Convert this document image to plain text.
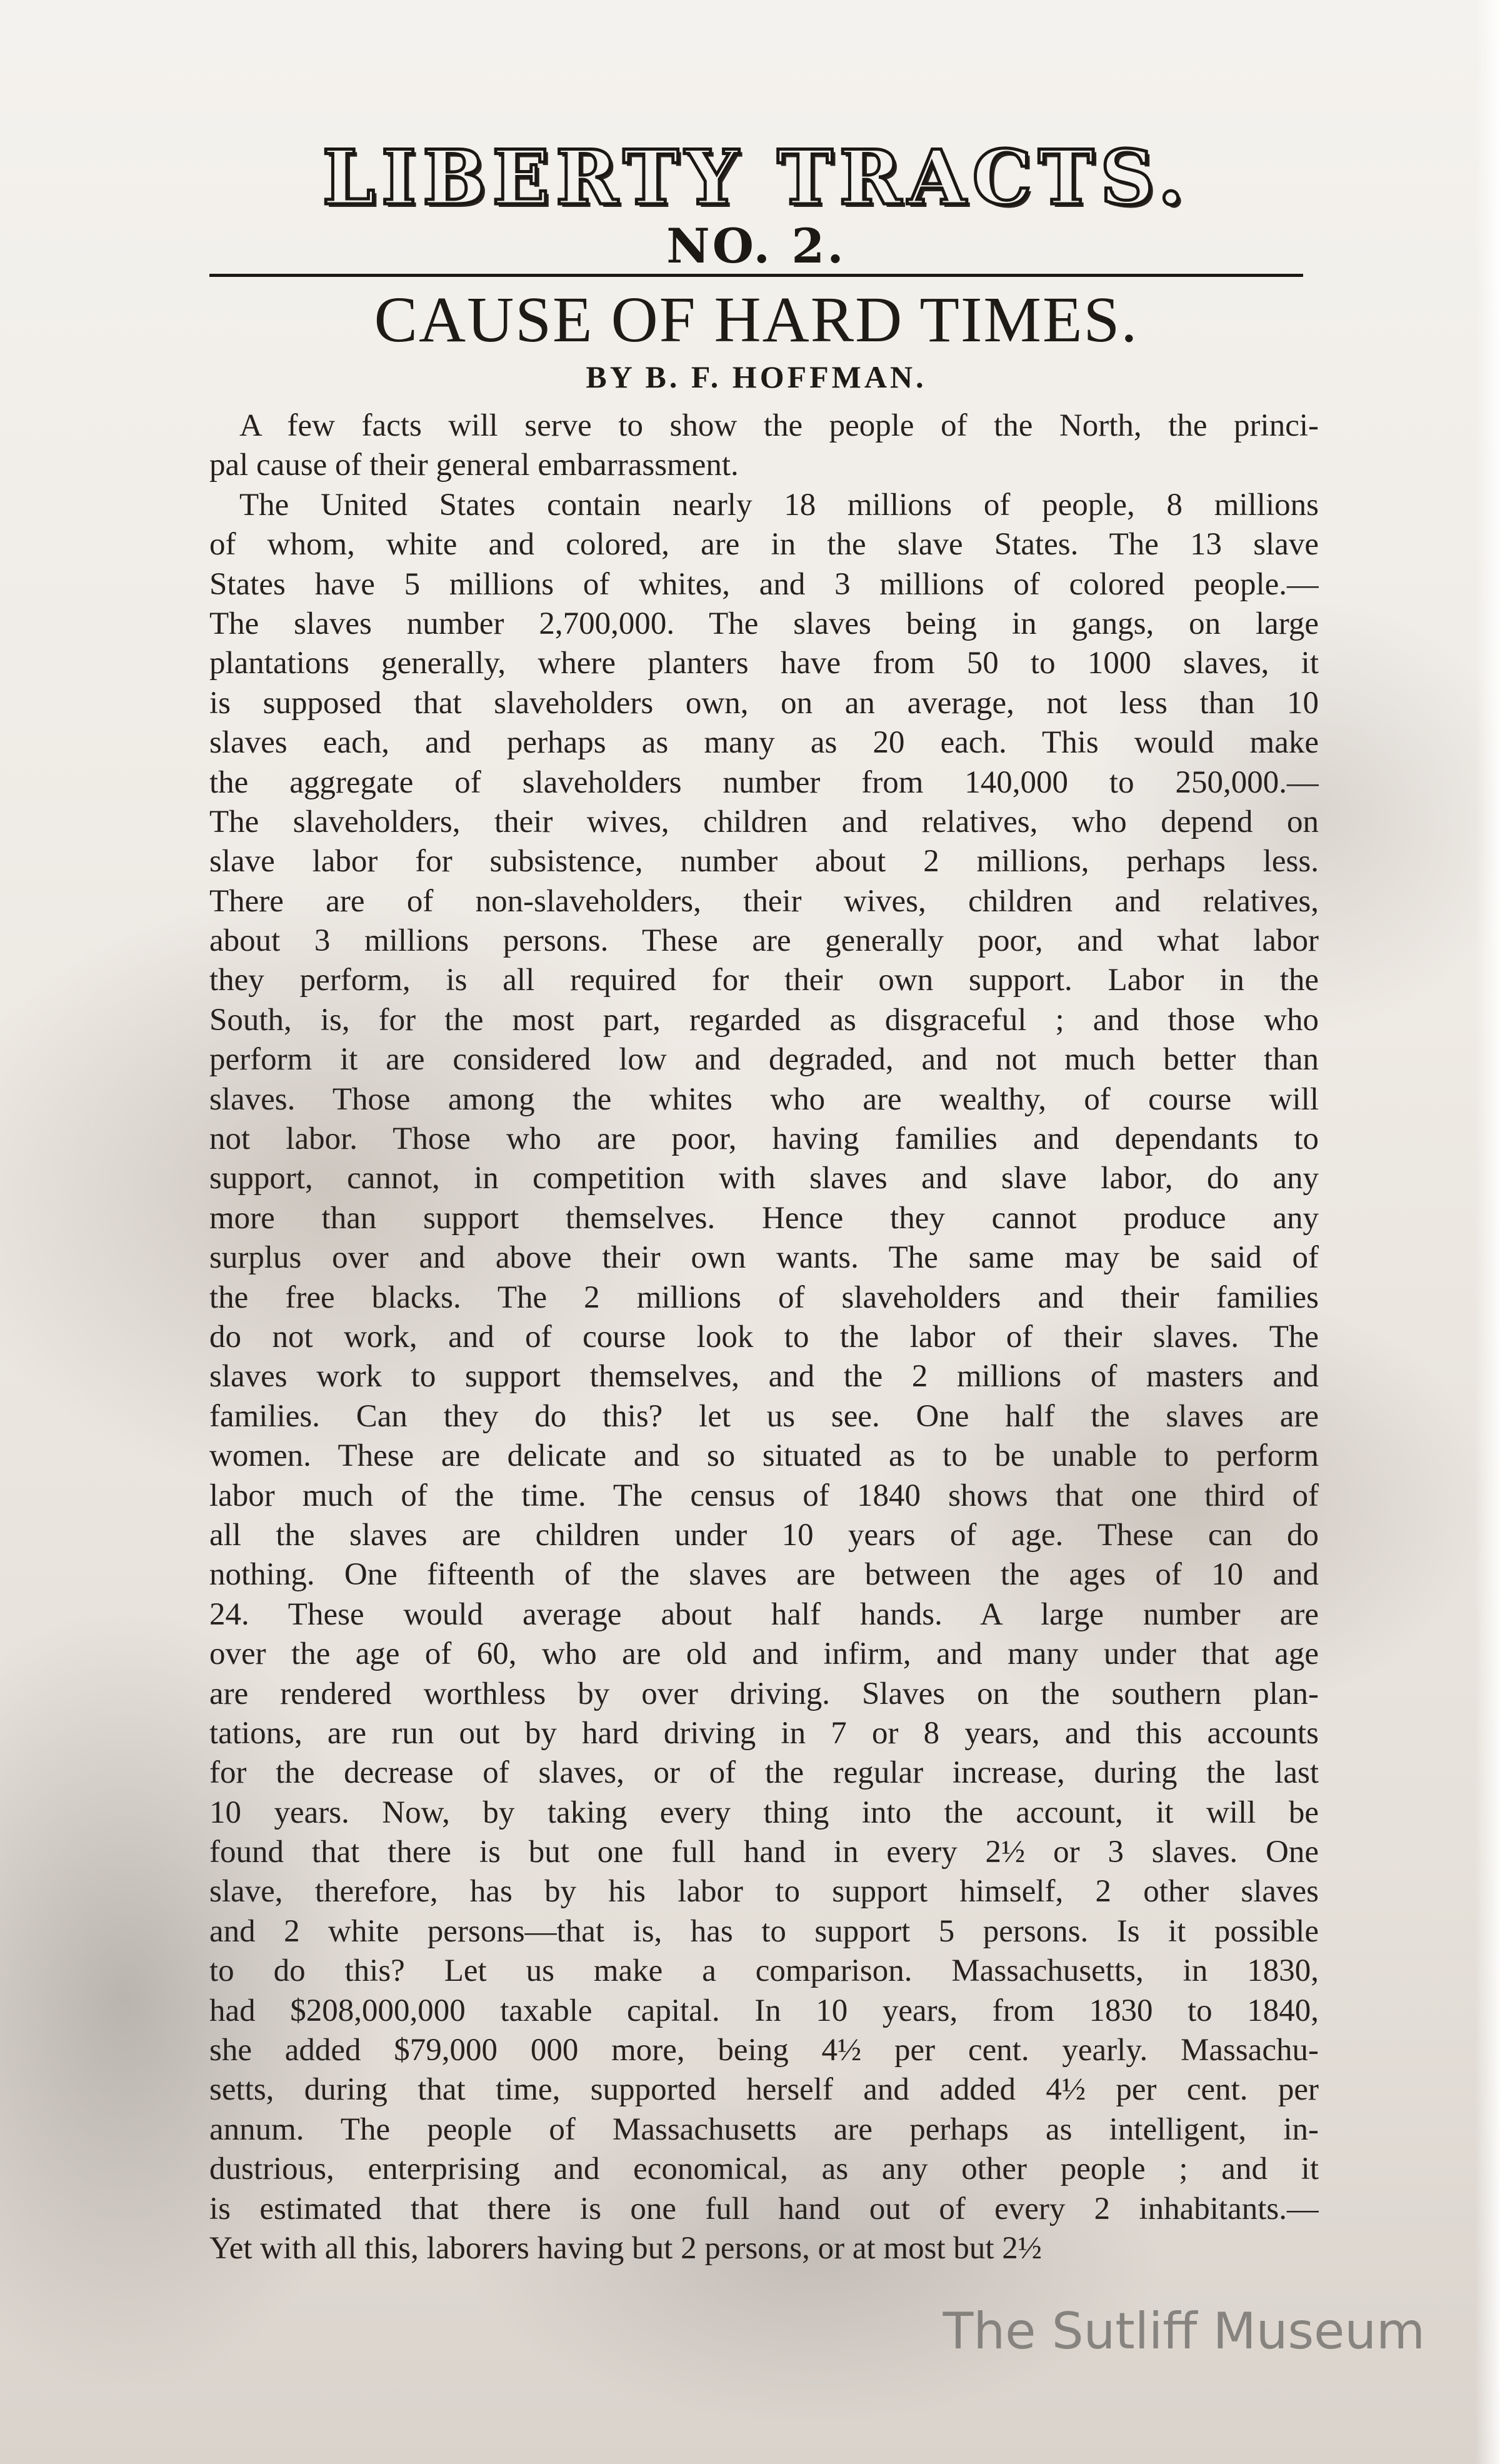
LIBERTY TRACTS.
NO. 2.
CAUSE OF HARD TIMES.
BY B. F. HOFFMAN.
A few facts will serve to show the people of the North, the princi-
pal cause of their general embarrassment.
The United States contain nearly 18 millions of people, 8 millions
of whom, white and colored, are in the slave States. The 13 slave
States have 5 millions of whites, and 3 millions of colored people.—
The slaves number 2,700,000. The slaves being in gangs, on large
plantations generally, where planters have from 50 to 1000 slaves, it
is supposed that slaveholders own, on an average, not less than 10
slaves each, and perhaps as many as 20 each. This would make
the aggregate of slaveholders number from 140,000 to 250,000.—
The slaveholders, their wives, children and relatives, who depend on
slave labor for subsistence, number about 2 millions, perhaps less.
There are of non-slaveholders, their wives, children and relatives,
about 3 millions persons. These are generally poor, and what labor
they perform, is all required for their own support. Labor in the
South, is, for the most part, regarded as disgraceful ; and those who
perform it are considered low and degraded, and not much better than
slaves. Those among the whites who are wealthy, of course will
not labor. Those who are poor, having families and dependants to
support, cannot, in competition with slaves and slave labor, do any
more than support themselves. Hence they cannot produce any
surplus over and above their own wants. The same may be said of
the free blacks. The 2 millions of slaveholders and their families
do not work, and of course look to the labor of their slaves. The
slaves work to support themselves, and the 2 millions of masters and
families. Can they do this? let us see. One half the slaves are
women. These are delicate and so situated as to be unable to perform
labor much of the time. The census of 1840 shows that one third of
all the slaves are children under 10 years of age. These can do
nothing. One fifteenth of the slaves are between the ages of 10 and
24. These would average about half hands. A large number are
over the age of 60, who are old and infirm, and many under that age
are rendered worthless by over driving. Slaves on the southern plan-
tations, are run out by hard driving in 7 or 8 years, and this accounts
for the decrease of slaves, or of the regular increase, during the last
10 years. Now, by taking every thing into the account, it will be
found that there is but one full hand in every 2½ or 3 slaves. One
slave, therefore, has by his labor to support himself, 2 other slaves
and 2 white persons—that is, has to support 5 persons. Is it possible
to do this? Let us make a comparison. Massachusetts, in 1830,
had $208,000,000 taxable capital. In 10 years, from 1830 to 1840,
she added $79,000 000 more, being 4½ per cent. yearly. Massachu-
setts, during that time, supported herself and added 4½ per cent. per
annum. The people of Massachusetts are perhaps as intelligent, in-
dustrious, enterprising and economical, as any other people ; and it
is estimated that there is one full hand out of every 2 inhabitants.—
Yet with all this, laborers having but 2 persons, or at most but 2½
The Sutliff Museum
